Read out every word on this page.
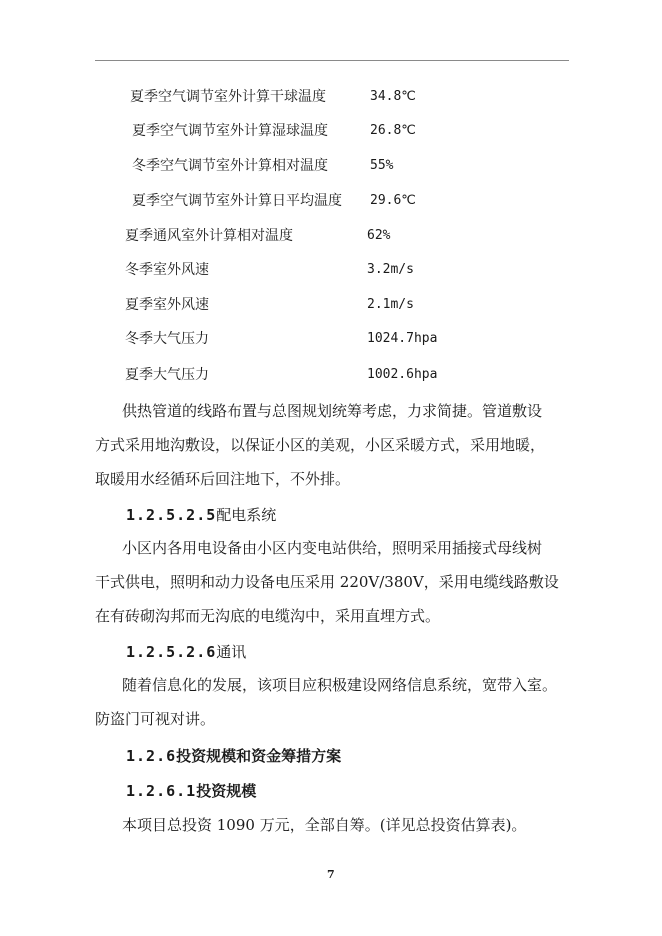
夏季空气调节室外计算干球温度	34.8℃
夏季空气调节室外计算湿球温度	26.8℃
冬季空气调节室外计算相对温度	55%
夏季空气调节室外计算日平均温度 29.6℃
夏季通风室外计算相对温度	62%
冬季室外风速	3.2m/s
夏季室外风速	2.1m/s
冬季大气压力	1024.7hpa
夏季大气压力	1002.6hpa
供热管道的线路布置与总图规划统筹考虑，力求简捷。管道敷设
方式采用地沟敷设，以保证小区的美观，小区采暖方式，采用地暖，
取暖用水经循环后回注地下，不外排。
1.2.5.2.5配电系统
小区内各用电设备由小区内变电站供给，照明采用插接式母线树
干式供电，照明和动力设备电压采用 220V/380V，采用电缆线路敷设
在有砖砌沟邦而无沟底的电缆沟中，采用直埋方式。
1.2.5.2.6通讯
随着信息化的发展，该项目应积极建设网络信息系统，宽带入室。
防盗门可视对讲。
1.2.6投资规模和资金筹措方案
1.2.6.1投资规模
本项目总投资 1090 万元，全部自筹。(详见总投资估算表)。
7
